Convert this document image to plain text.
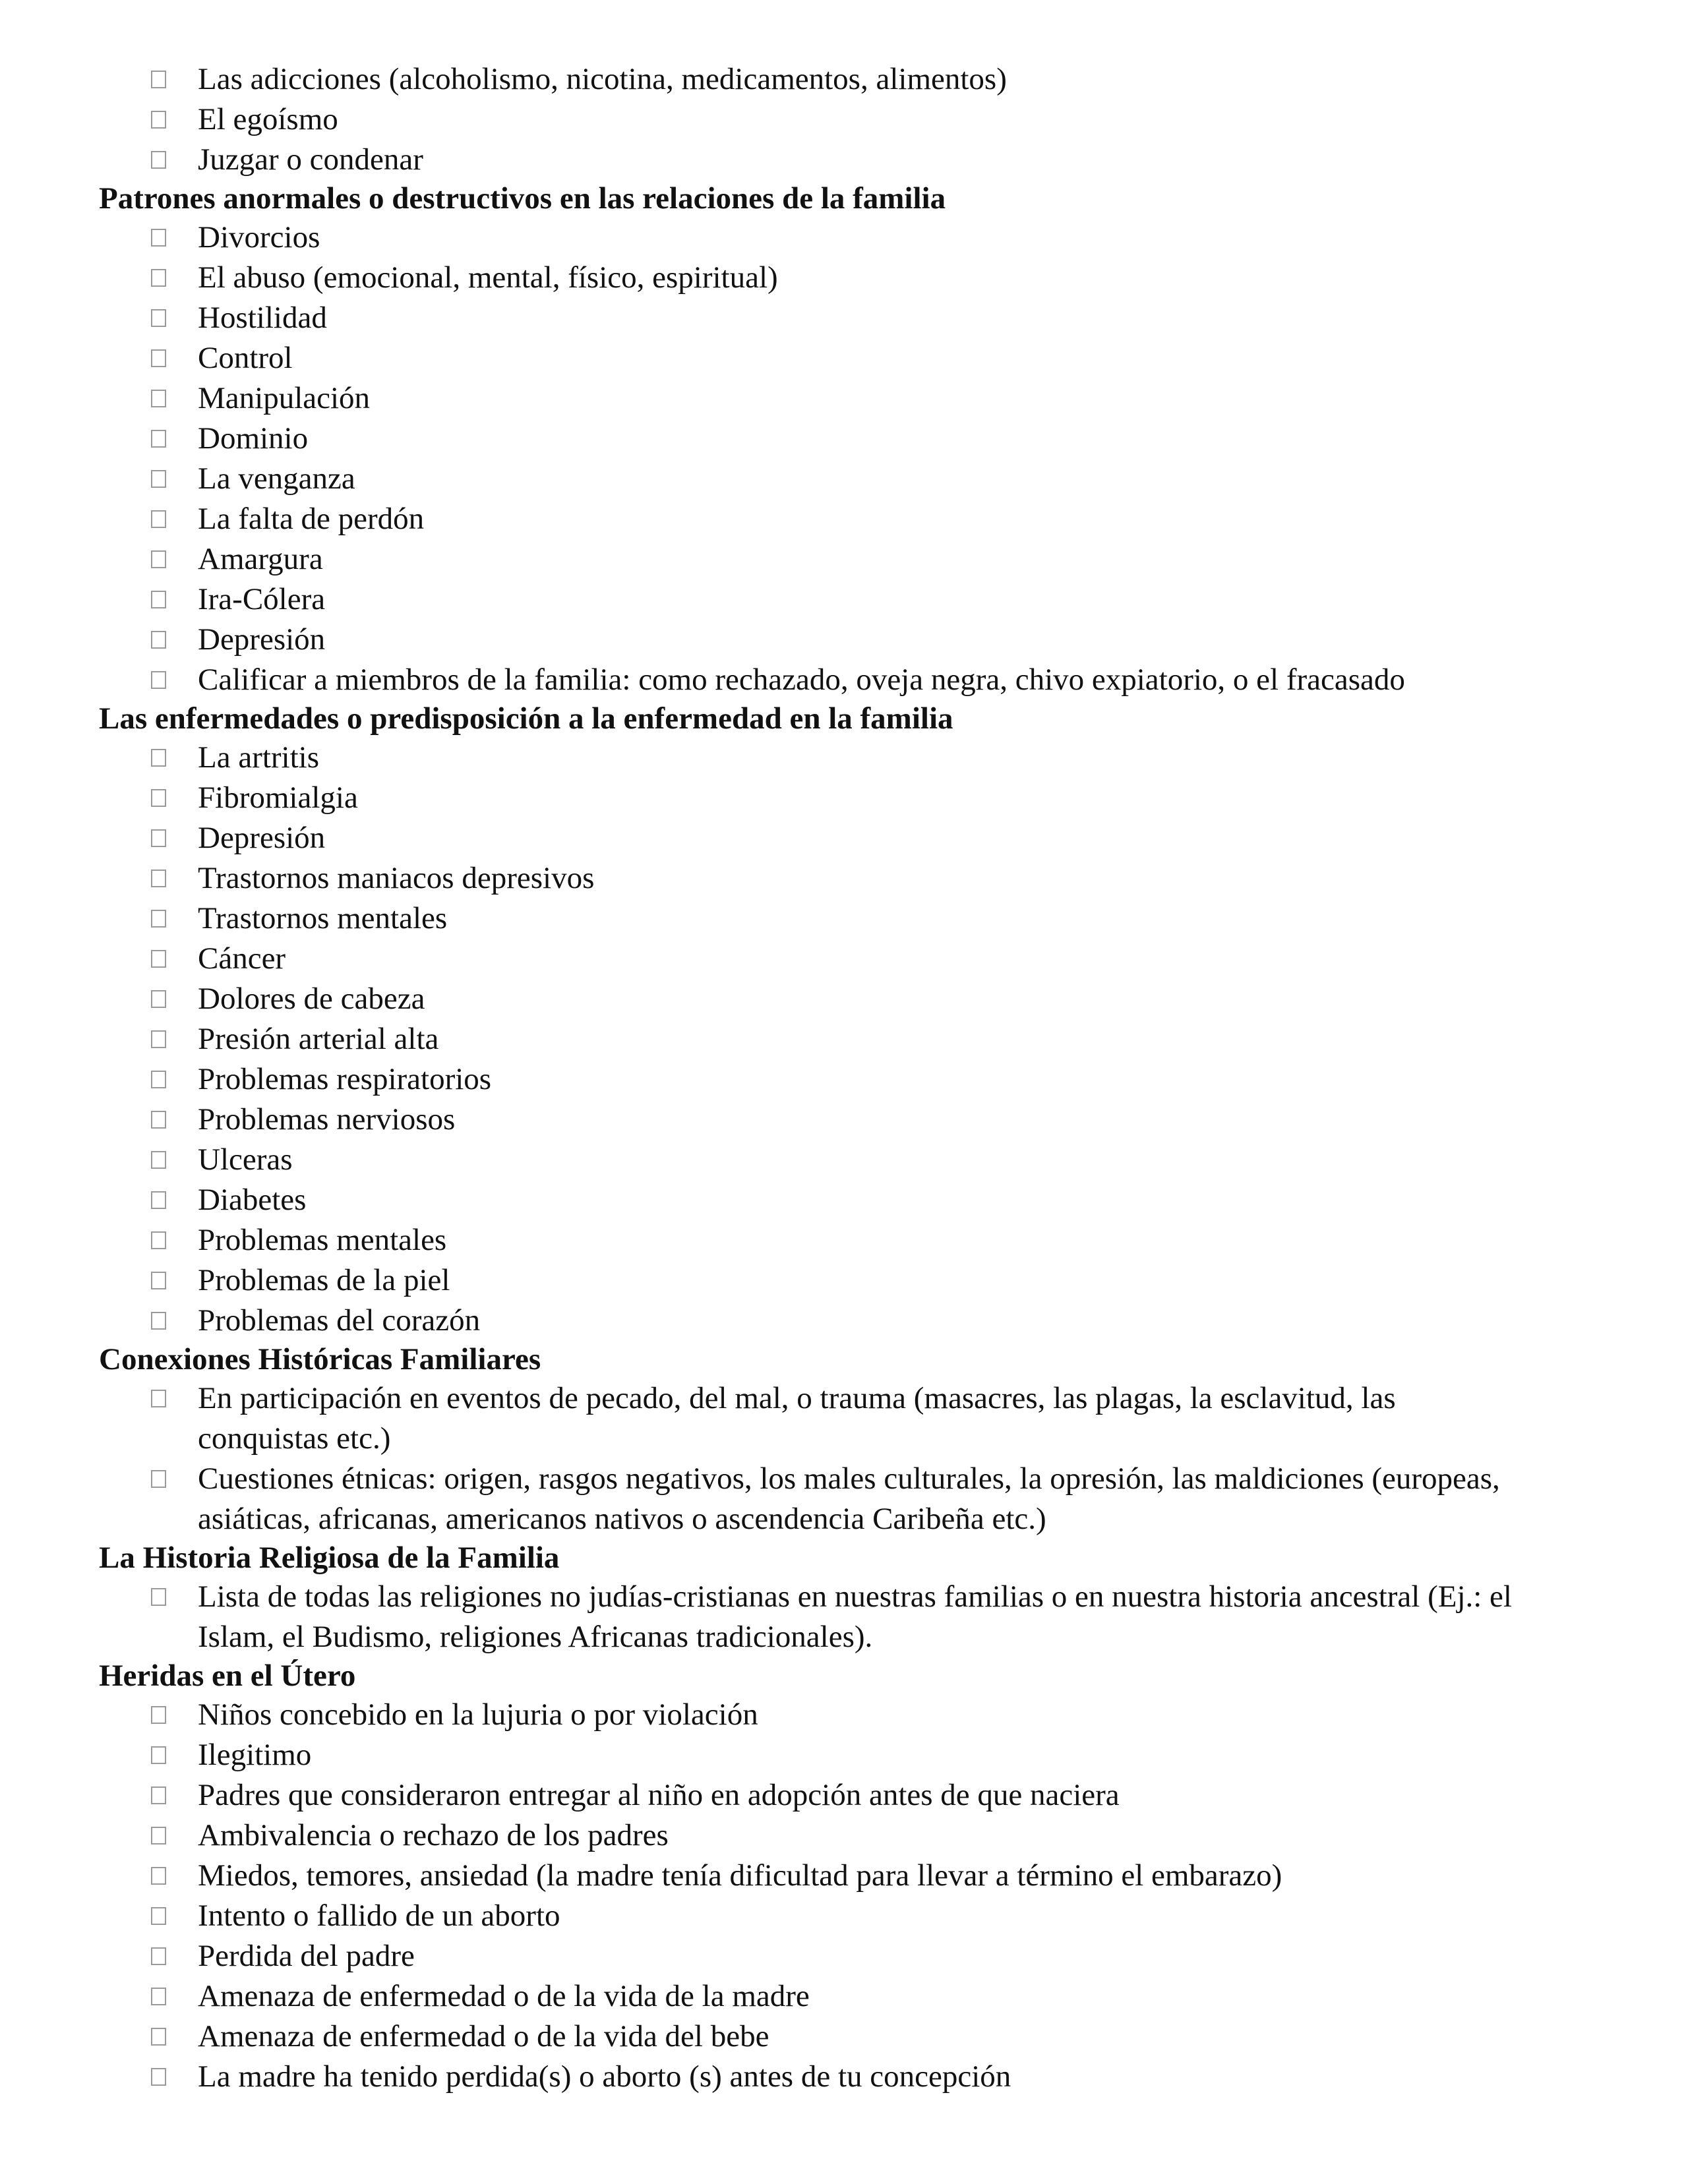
Las adicciones (alcoholismo, nicotina, medicamentos, alimentos)
El egoísmo
Juzgar o condenar
Patrones anormales o destructivos en las relaciones de la familia
Divorcios
El abuso (emocional, mental, físico, espiritual)
Hostilidad
Control
Manipulación
Dominio
La venganza
La falta de perdón
Amargura
Ira-Cólera
Depresión
Calificar a miembros de la familia: como rechazado, oveja negra, chivo expiatorio, o el fracasado
Las enfermedades o predisposición a la enfermedad en la familia
La artritis
Fibromialgia
Depresión
Trastornos maniacos depresivos
Trastornos mentales
Cáncer
Dolores de cabeza
Presión arterial alta
Problemas respiratorios
Problemas nerviosos
Ulceras
Diabetes
Problemas mentales
Problemas de la piel
Problemas del corazón
Conexiones Históricas Familiares
En participación en eventos de pecado, del mal, o trauma (masacres, las plagas, la esclavitud, las conquistas etc.)
Cuestiones étnicas: origen, rasgos negativos, los males culturales, la opresión, las maldiciones (europeas, asiáticas, africanas, americanos nativos o ascendencia Caribeña etc.)
La Historia Religiosa de la Familia
Lista de todas las religiones no judías-cristianas en nuestras familias o en nuestra historia ancestral (Ej.: el Islam, el Budismo, religiones Africanas tradicionales).
Heridas en el Útero
Niños concebido en la lujuria o por violación
Ilegitimo
Padres que consideraron entregar al niño en adopción antes de que naciera
Ambivalencia o rechazo de los padres
Miedos, temores, ansiedad (la madre tenía dificultad para llevar a término el embarazo)
Intento o fallido de un aborto
Perdida del padre
Amenaza de enfermedad o de la vida de la madre
Amenaza de enfermedad o de la vida del bebe
La madre ha tenido perdida(s) o aborto (s) antes de tu concepción
